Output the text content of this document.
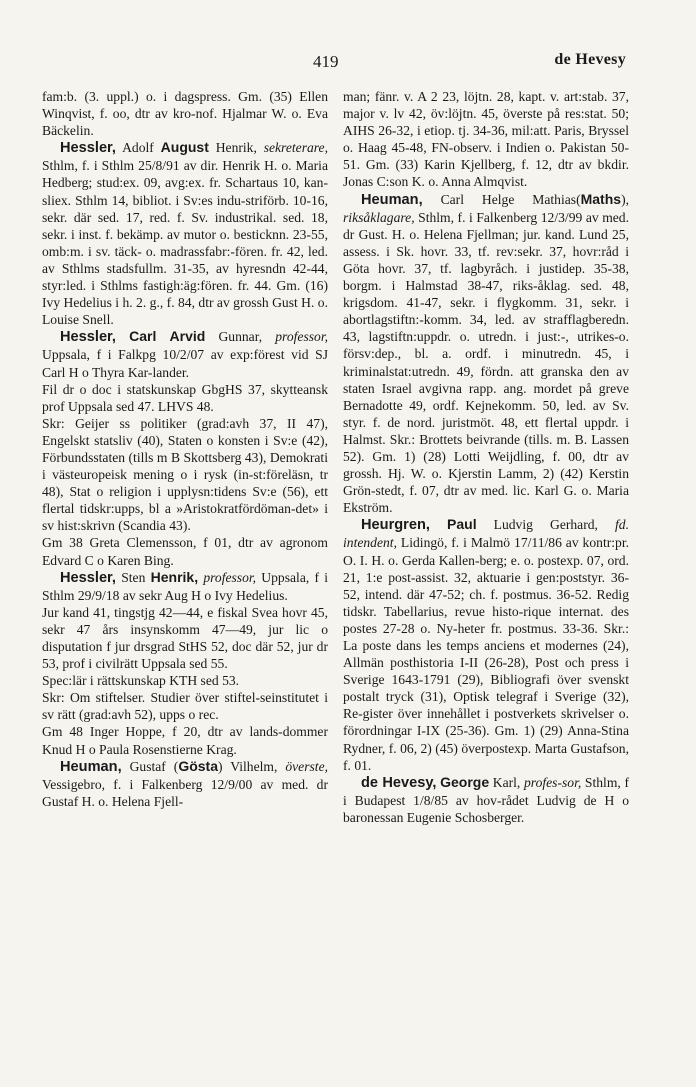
419	de Hevesy

fam:b. (3. uppl.) o. i dagspress. Gm. (35) Ellen Winqvist, f. oo, dtr av kro-nof. Hjalmar W. o. Eva Bäckelin.

Hessler, Adolf August Henrik, sekreterare, Sthlm, f. i Sthlm 25/8/91 av dir. Henrik H. o. Maria Hedberg; stud:ex. 09, avg:ex. fr. Schartaus 10, kan-sliex. Sthlm 14, bibliot. i Sv:es indu-striförb. 10-16, sekr. där sed. 17, red. f. Sv. industrikal. sed. 18, sekr. i inst. f. bekämp. av mutor o. besticknn. 23-55, omb:m. i sv. täck- o. madrassfabr:-fören. fr. 42, led. av Sthlms stadsfullm. 31-35, av hyresndn 42-44, styr:led. i Sthlms fastigh:äg:fören. fr. 44. Gm. (16) Ivy Hedelius i h. 2. g., f. 84, dtr av grossh Gust H. o. Louise Snell.

Hessler, Carl Arvid Gunnar, professor, Uppsala, f i Falkpg 10/2/07 av exp:förest vid SJ Carl H o Thyra Kar-lander.

Fil dr o doc i statskunskap GbgHS 37, skytteansk prof Uppsala sed 47. LHVS 48.

Skr: Geijer ss politiker (grad:avh 37, II 47), Engelskt statsliv (40), Staten o konsten i Sv:e (42), Förbundsstaten (tills m B Skottsberg 43), Demokrati i västeuropeisk mening o i rysk (in-st:föreläsn, tr 48), Stat o religion i upplysn:tidens Sv:e (56), ett flertal tidskr:upps, bl a »Aristokratfördöman-det» i sv hist:skrivn (Scandia 43).

Gm 38 Greta Clemensson, f 01, dtr av agronom Edvard C o Karen Bing.

Hessler, Sten Henrik, professor, Uppsala, f i Sthlm 29/9/18 av sekr Aug H o Ivy Hedelius.

Jur kand 41, tingstjg 42—44, e fiskal Svea hovr 45, sekr 47 års insynskomm 47—49, jur lic o disputation f jur drsgrad StHS 52, doc där 52, jur dr 53, prof i civilrätt Uppsala sed 55.

Spec:lär i rättskunskap KTH sed 53.

Skr: Om stiftelser. Studier över stiftel-seinstitutet i sv rätt (grad:avh 52), upps o rec.

Gm 48 Inger Hoppe, f 20, dtr av lands-dommer Knud H o Paula Rosenstierne Krag.

Heuman, Gustaf (Gösta) Vilhelm, överste, Vessigebro, f. i Falkenberg 12/9/00 av med. dr Gustaf H. o. Helena Fjell-

man; fänr. v. A 2 23, löjtn. 28, kapt. v. art:stab. 37, major v. lv 42, öv:löjtn. 45, överste på res:stat. 50; AIHS 26-32, i etiop. tj. 34-36, mil:att. Paris, Bryssel o. Haag 45-48, FN-observ. i Indien o. Pakistan 50-51. Gm. (33) Karin Kjellberg, f. 12, dtr av bkdir. Jonas C:son K. o. Anna Almqvist.

Heuman, Carl Helge Mathias(Maths), riksåklagare, Sthlm, f. i Falkenberg 12/3/99 av med. dr Gust. H. o. Helena Fjellman; jur. kand. Lund 25, assess. i Sk. hovr. 33, tf. rev:sekr. 37, hovr:råd i Göta hovr. 37, tf. lagbyråch. i justidep. 35-38, borgm. i Halmstad 38-47, riks-åklag. sed. 48, krigsdom. 41-47, sekr. i flygkomm. 31, sekr. i abortlagstiftn:-komm. 34, led. av strafflagberedn. 43, lagstiftn:uppdr. o. utredn. i just:-, utrikes-o. försv:dep., bl. a. ordf. i minutredn. 45, i kriminalstat:utredn. 49, fördn. att granska den av staten Israel avgivna rapp. ang. mordet på greve Bernadotte 49, ordf. Kejnekomm. 50, led. av Sv. styr. f. de nord. juristmöt. 48, ett flertal uppdr. i Halmst. Skr.: Brottets beivrande (tills. m. B. Lassen 52). Gm. 1) (28) Lotti Weijdling, f. 00, dtr av grossh. Hj. W. o. Kjerstin Lamm, 2) (42) Kerstin Grön-stedt, f. 07, dtr av med. lic. Karl G. o. Maria Ekström.

Heurgren, Paul Ludvig Gerhard, fd. intendent, Lidingö, f. i Malmö 17/11/86 av kontr:pr. O. I. H. o. Gerda Kallen-berg; e. o. postexp. 07, ord. 21, 1:e post-assist. 32, aktuarie i gen:poststyr. 36-52, intend. där 47-52; ch. f. postmus. 36-52. Redig tidskr. Tabellarius, revue histo-rique internat. des postes 27-28 o. Ny-heter fr. postmus. 33-36. Skr.: La poste dans les temps anciens et modernes (24), Allmän posthistoria I-II (26-28), Post och press i Sverige 1643-1791 (29), Bibliografi över svenskt postalt tryck (31), Optisk telegraf i Sverige (32), Re-gister över innehållet i postverkets skrivelser o. förordningar I-IX (25-36). Gm. 1) (29) Anna-Stina Rydner, f. 06, 2) (45) överpostexp. Marta Gustafson, f. 01.

de Hevesy, George Karl, profes-sor, Sthlm, f i Budapest 1/8/85 av hov-rådet Ludvig de H o baronessan Eugenie Schosberger.
